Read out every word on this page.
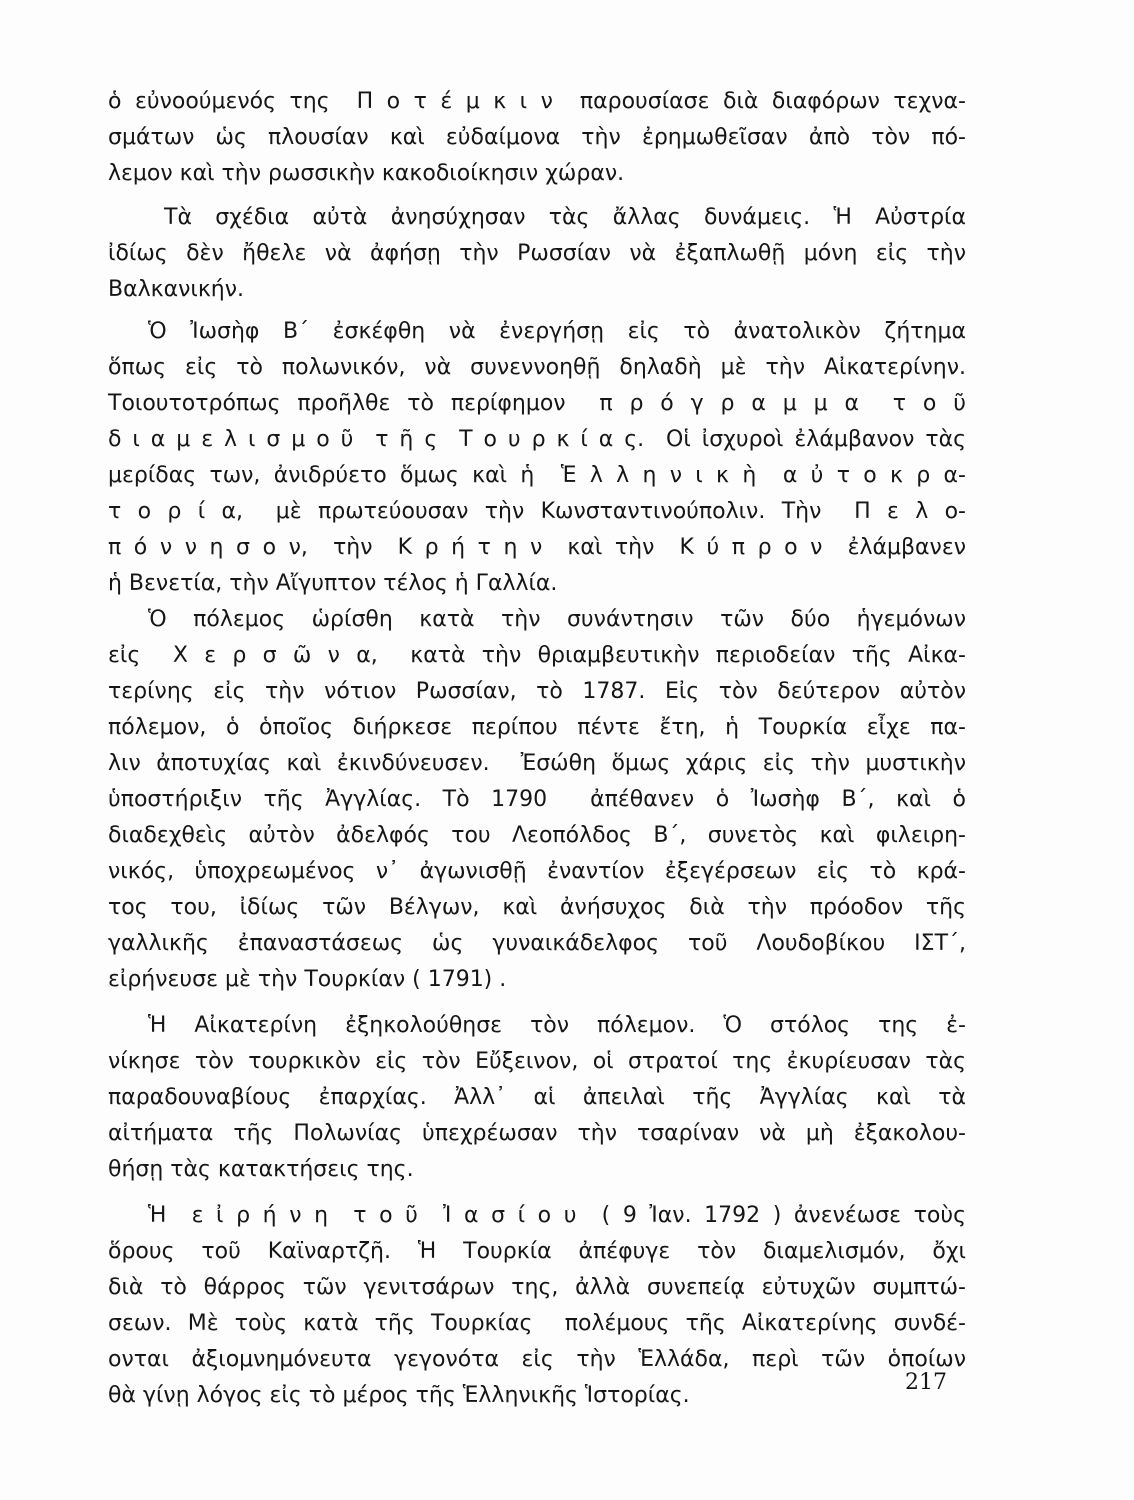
ὁ εὐνοούμενός της  Π ο τ έ μ κ ι ν  παρουσίασε διὰ διαφόρων τεχνα-
σμάτων ὡς πλουσίαν καὶ εὐδαίμονα τὴν ἐρημωθεῖσαν ἀπὸ τὸν πό-
λεμον καὶ τὴν ρωσσικὴν κακοδιοίκησιν χώραν.
Τὰ σχέδια αὐτὰ ἀνησύχησαν τὰς ἄλλας δυνάμεις. Ἡ Αὐστρία
ἰδίως δὲν ἤθελε νὰ ἀφήσῃ τὴν Ρωσσίαν νὰ ἐξαπλωθῇ μόνη εἰς τὴν
Βαλκανικήν.
Ὁ Ἰωσὴφ Β΄ ἐσκέφθη νὰ ἐνεργήσῃ εἰς τὸ ἀνατολικὸν ζήτημα
ὅπως εἰς τὸ πολωνικόν, νὰ συνεννοηθῇ δηλαδὴ μὲ τὴν Αἰκατερίνην.
Τοιουτοτρόπως προῆλθε τὸ περίφημον  π ρ ό γ ρ α μ μ α  τ ο ῦ
δ ι α μ ε λ ι σ μ ο ῦ  τ ῆ ς  Τ ο υ ρ κ ί α ς.  Οἱ ἰσχυροὶ ἐλάμβανον τὰς
μερίδας των, ἀνιδρύετο ὅμως καὶ ἡ  Ἑ λ λ η ν ι κ ὴ  α ὐ τ ο κ ρ α-
τ ο ρ ί α,  μὲ πρωτεύουσαν τὴν Κωνσταντινούπολιν. Τὴν  Π ε λ ο-
π ό ν ν η σ ο ν,  τὴν  Κ ρ ή τ η ν  καὶ τὴν  Κ ύ π ρ ο ν  ἐλάμβανεν
ἡ Βενετία, τὴν Αἴγυπτον τέλος ἡ Γαλλία.
Ὁ πόλεμος ὡρίσθη κατὰ τὴν συνάντησιν τῶν δύο ἡγεμόνων
εἰς  Χ ε ρ σ ῶ ν α,  κατὰ τὴν θριαμβευτικὴν περιοδείαν τῆς Αἰκα-
τερίνης εἰς τὴν νότιον Ρωσσίαν, τὸ 1787. Εἰς τὸν δεύτερον αὐτὸν
πόλεμον, ὁ ὁποῖος διήρκεσε περίπου πέντε ἔτη, ἡ Τουρκία εἶχε πα-
λιν ἀποτυχίας καὶ ἐκινδύνευσεν.  Ἐσώθη ὅμως χάρις εἰς τὴν μυστικὴν
ὑποστήριξιν τῆς Ἀγγλίας. Τὸ 1790  ἀπέθανεν ὁ Ἰωσὴφ Β΄, καὶ ὁ
διαδεχθεὶς αὐτὸν ἀδελφός του Λεοπόλδος Β΄, συνετὸς καὶ φιλειρη-
νικός, ὑποχρεωμένος ν᾿ ἀγωνισθῇ ἐναντίον ἐξεγέρσεων εἰς τὸ κρά-
τος του, ἰδίως τῶν Βέλγων, καὶ ἀνήσυχος διὰ τὴν πρόοδον τῆς
γαλλικῆς ἐπαναστάσεως ὡς γυναικάδελφος τοῦ Λουδοβίκου ΙΣΤ΄,
εἰρήνευσε μὲ τὴν Τουρκίαν ( 1791) .
Ἡ Αἰκατερίνη ἐξηκολούθησε τὸν πόλεμον. Ὁ στόλος της ἐ-
νίκησε τὸν τουρκικὸν εἰς τὸν Εὔξεινον, οἱ στρατοί της ἐκυρίευσαν τὰς
παραδουναβίους ἐπαρχίας. Ἀλλ᾿ αἱ ἀπειλαὶ τῆς Ἀγγλίας καὶ τὰ
αἰτήματα τῆς Πολωνίας ὑπεχρέωσαν τὴν τσαρίναν νὰ μὴ ἐξακολου-
θήσῃ τὰς κατακτήσεις της.
Ἡ  ε ἰ ρ ή ν η  τ ο ῦ  Ἰ α σ ί ο υ  ( 9 Ἰαν. 1792 ) ἀνενέωσε τοὺς
ὅρους τοῦ Καϊναρτζῆ. Ἡ Τουρκία ἀπέφυγε τὸν διαμελισμόν, ὄχι
διὰ τὸ θάρρος τῶν γενιτσάρων της, ἀλλὰ συνεπείᾳ εὐτυχῶν συμπτώ-
σεων. Μὲ τοὺς κατὰ τῆς Τουρκίας  πολέμους τῆς Αἰκατερίνης συνδέ-
ονται ἀξιομνημόνευτα γεγονότα εἰς τὴν Ἑλλάδα, περὶ τῶν ὁποίων
θὰ γίνῃ λόγος εἰς τὸ μέρος τῆς Ἑλληνικῆς Ἱστορίας.
217
